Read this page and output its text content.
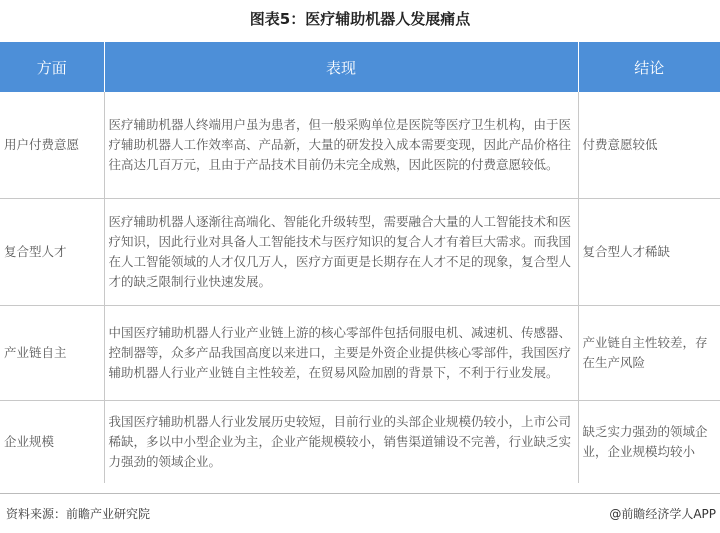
图表5：医疗辅助机器人发展痛点
方面	表现	结论
用户付费意愿	医疗辅助机器人终端用户虽为患者，但一般采购单位是医院等医疗卫生机构，由于医疗辅助机器人工作效率高、产品新，大量的研发投入成本需要变现，因此产品价格往往高达几百万元，且由于产品技术目前仍未完全成熟，因此医院的付费意愿较低。	付费意愿较低
复合型人才	医疗辅助机器人逐渐往高端化、智能化升级转型，需要融合大量的人工智能技术和医疗知识，因此行业对具备人工智能技术与医疗知识的复合人才有着巨大需求。而我国在人工智能领域的人才仅几万人，医疗方面更是长期存在人才不足的现象，复合型人才的缺乏限制行业快速发展。	复合型人才稀缺
产业链自主	中国医疗辅助机器人行业产业链上游的核心零部件包括伺服电机、减速机、传感器、控制器等，众多产品我国高度以来进口，主要是外资企业提供核心零部件，我国医疗辅助机器人行业产业链自主性较差，在贸易风险加剧的背景下，不利于行业发展。	产业链自主性较差，存在生产风险
企业规模	我国医疗辅助机器人行业发展历史较短，目前行业的头部企业规模仍较小，上市公司稀缺，多以中小型企业为主，企业产能规模较小，销售渠道铺设不完善，行业缺乏实力强劲的领域企业。	缺乏实力强劲的领域企业，企业规模均较小
资料来源：前瞻产业研究院	@前瞻经济学人APP
